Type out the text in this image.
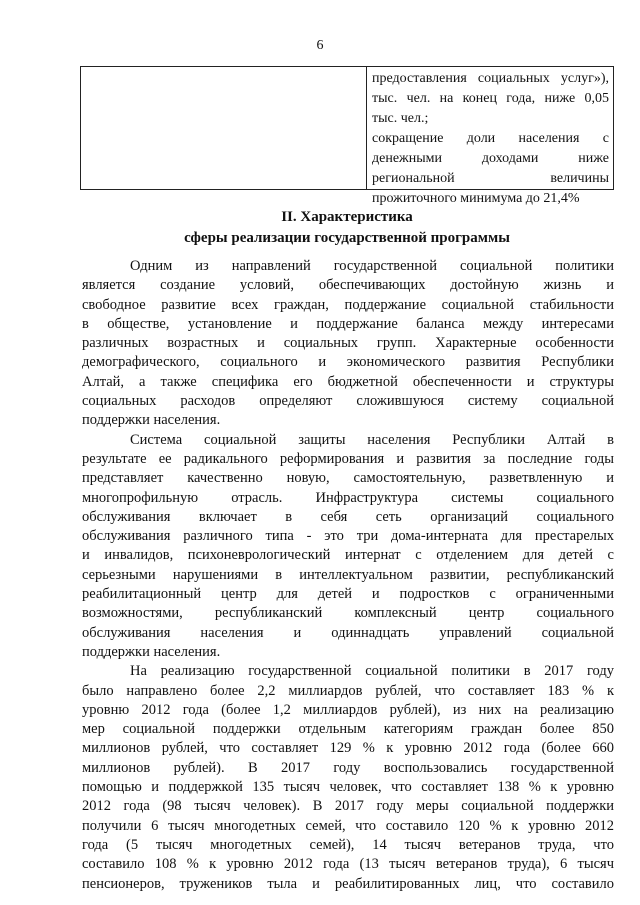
6
предоставления социальных услуг»),
тыс. чел. на конец года, ниже 0,05
тыс. чел.;
сокращение доли населения с
денежными доходами ниже
региональной величины
прожиточного минимума до 21,4%
II. Характеристика
сферы реализации государственной программы
Одним из направлений государственной социальной политики
является создание условий, обеспечивающих достойную жизнь и
свободное развитие всех граждан, поддержание социальной стабильности
в обществе, установление и поддержание баланса между интересами
различных возрастных и социальных групп. Характерные особенности
демографического, социального и экономического развития Республики
Алтай, а также специфика его бюджетной обеспеченности и структуры
социальных расходов определяют сложившуюся систему социальной
поддержки населения.
Система социальной защиты населения Республики Алтай в
результате ее радикального реформирования и развития за последние годы
представляет качественно новую, самостоятельную, разветвленную и
многопрофильную отрасль. Инфраструктура системы социального
обслуживания включает в себя сеть организаций социального
обслуживания различного типа - это три дома-интерната для престарелых
и инвалидов, психоневрологический интернат с отделением для детей с
серьезными нарушениями в интеллектуальном развитии, республиканский
реабилитационный центр для детей и подростков с ограниченными
возможностями, республиканский комплексный центр социального
обслуживания населения и одиннадцать управлений социальной
поддержки населения.
На реализацию государственной социальной политики в 2017 году
было направлено более 2,2 миллиардов рублей, что составляет 183 % к
уровню 2012 года (более 1,2 миллиардов рублей), из них на реализацию
мер социальной поддержки отдельным категориям граждан более 850
миллионов рублей, что составляет 129 % к уровню 2012 года (более 660
миллионов рублей). В 2017 году воспользовались государственной
помощью и поддержкой 135 тысяч человек, что составляет 138 % к уровню
2012 года (98 тысяч человек). В 2017 году меры социальной поддержки
получили 6 тысяч многодетных семей, что составило 120 % к уровню 2012
года (5 тысяч многодетных семей), 14 тысяч ветеранов труда, что
составило 108 % к уровню 2012 года (13 тысяч ветеранов труда), 6 тысяч
пенсионеров, тружеников тыла и реабилитированных лиц, что составило
